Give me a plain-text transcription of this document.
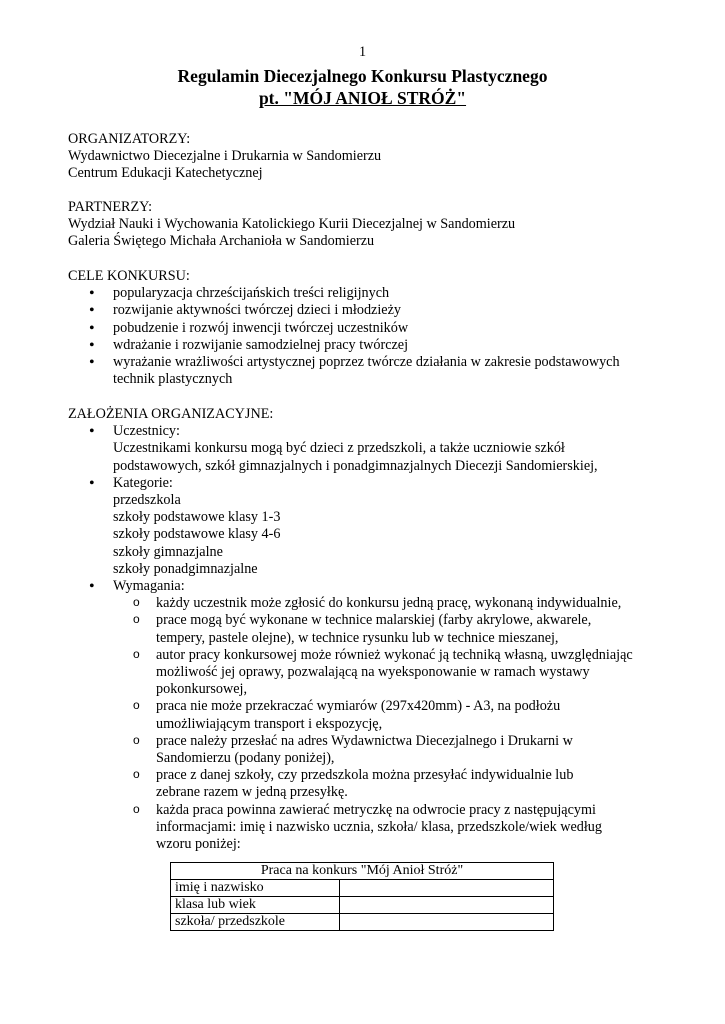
1
Regulamin Diecezjalnego Konkursu Plastycznego
pt. "MÓJ ANIOŁ STRÓŻ"
ORGANIZATORZY:
Wydawnictwo Diecezjalne i Drukarnia w Sandomierzu
Centrum Edukacji Katechetycznej
PARTNERZY:
Wydział Nauki i Wychowania Katolickiego Kurii Diecezjalnej w Sandomierzu
Galeria Świętego Michała Archanioła w Sandomierzu
CELE KONKURSU:
• popularyzacja chrześcijańskich treści religijnych
• rozwijanie aktywności twórczej dzieci i młodzieży
• pobudzenie i rozwój inwencji twórczej uczestników
• wdrażanie i rozwijanie samodzielnej pracy twórczej
• wyrażanie wrażliwości artystycznej poprzez twórcze działania w zakresie podstawowych technik plastycznych
ZAŁOŻENIA ORGANIZACYJNE:
• Uczestnicy:
Uczestnikami konkursu mogą być dzieci z przedszkoli, a także uczniowie szkół podstawowych, szkół gimnazjalnych i ponadgimnazjalnych Diecezji Sandomierskiej,
• Kategorie:
przedszkola
szkoły podstawowe klasy 1-3
szkoły podstawowe klasy 4-6
szkoły gimnazjalne
szkoły ponadgimnazjalne
• Wymagania:
o każdy uczestnik może zgłosić do konkursu jedną pracę, wykonaną indywidualnie,
o prace mogą być wykonane w technice malarskiej (farby akrylowe, akwarele, tempery, pastele olejne), w technice rysunku lub w technice mieszanej,
o autor pracy konkursowej może również wykonać ją techniką własną, uwzględniając możliwość jej oprawy, pozwalającą na wyeksponowanie w ramach wystawy pokonkursowej,
o praca nie może przekraczać wymiarów (297x420mm) - A3, na podłożu umożliwiającym transport i ekspozycję,
o prace należy przesłać na adres Wydawnictwa Diecezjalnego i Drukarni w Sandomierzu (podany poniżej),
o prace z danej szkoły, czy przedszkola można przesyłać indywidualnie lub zebrane razem w jedną przesyłkę.
o każda praca powinna zawierać metryczkę na odwrocie pracy z następującymi informacjami: imię i nazwisko ucznia, szkoła/ klasa, przedszkole/wiek według wzoru poniżej:
Praca na konkurs "Mój Anioł Stróż"	
imię i nazwisko	
klasa lub wiek	
szkoła/ przedszkole	
